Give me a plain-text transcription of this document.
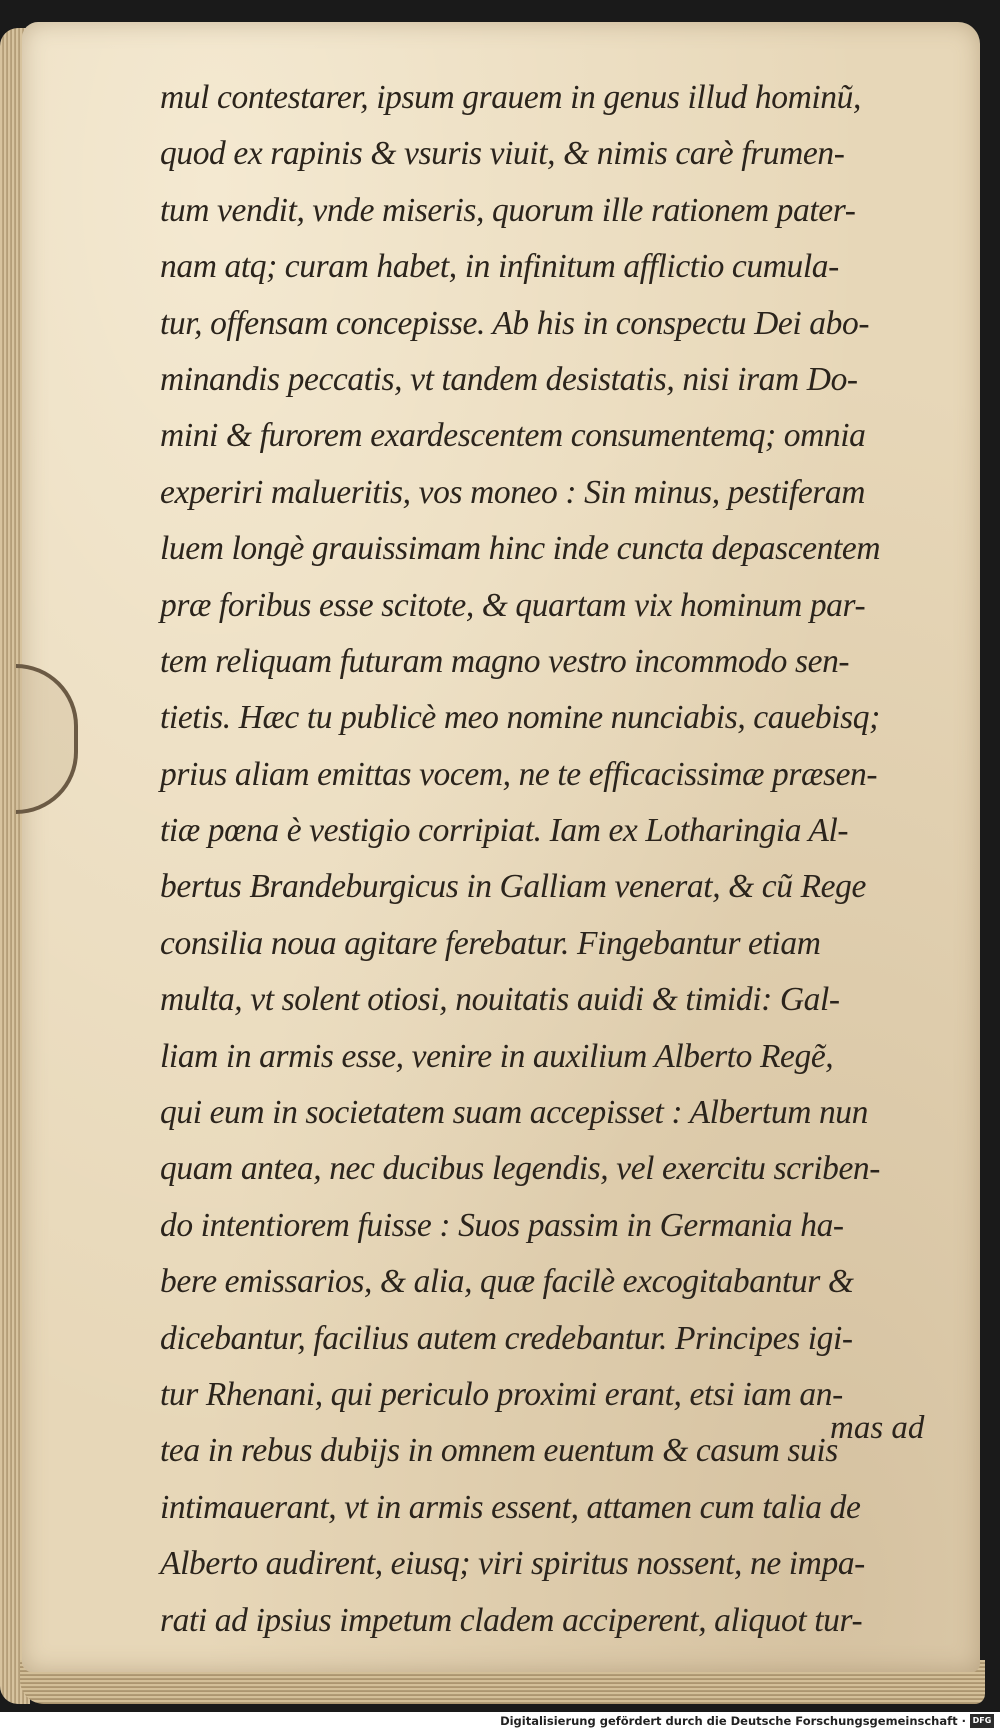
mul contestarer, ipsum grauem in genus illud hominũ,
quod ex rapinis & vsuris viuit, & nimis carè frumen-
tum vendit, vnde miseris, quorum ille rationem pater-
nam atq; curam habet, in infinitum afflictio cumula-
tur, offensam concepisse. Ab his in conspectu Dei abo-
minandis peccatis, vt tandem desistatis, nisi iram Do-
mini & furorem exardescentem consumentemq; omnia
experiri malueritis, vos moneo : Sin minus, pestiferam
luem longè grauissimam hinc inde cuncta depascentem
præ foribus esse scitote, & quartam vix hominum par-
tem reliquam futuram magno vestro incommodo sen-
tietis. Hæc tu publicè meo nomine nunciabis, cauebisq;
prius aliam emittas vocem, ne te efficacissimæ præsen-
tiæ pœna è vestigio corripiat. Iam ex Lotharingia Al-
bertus Brandeburgicus in Galliam venerat, & cũ Rege
consilia noua agitare ferebatur. Fingebantur etiam
multa, vt solent otiosi, nouitatis auidi & timidi: Gal-
liam in armis esse, venire in auxilium Alberto Regẽ,
qui eum in societatem suam accepisset : Albertum nun
quam antea, nec ducibus legendis, vel exercitu scriben-
do intentiorem fuisse : Suos passim in Germania ha-
bere emissarios, & alia, quæ facilè excogitabantur &
dicebantur, facilius autem credebantur. Principes igi-
tur Rhenani, qui periculo proximi erant, etsi iam an-
tea in rebus dubijs in omnem euentum & casum suis
intimauerant, vt in armis essent, attamen cum talia de
Alberto audirent, eiusq; viri spiritus nossent, ne impa-
rati ad ipsius impetum cladem acciperent, aliquot tur-
mas ad
Digitalisierung gefördert durch die Deutsche Forschungsgemeinschaft · DFG
